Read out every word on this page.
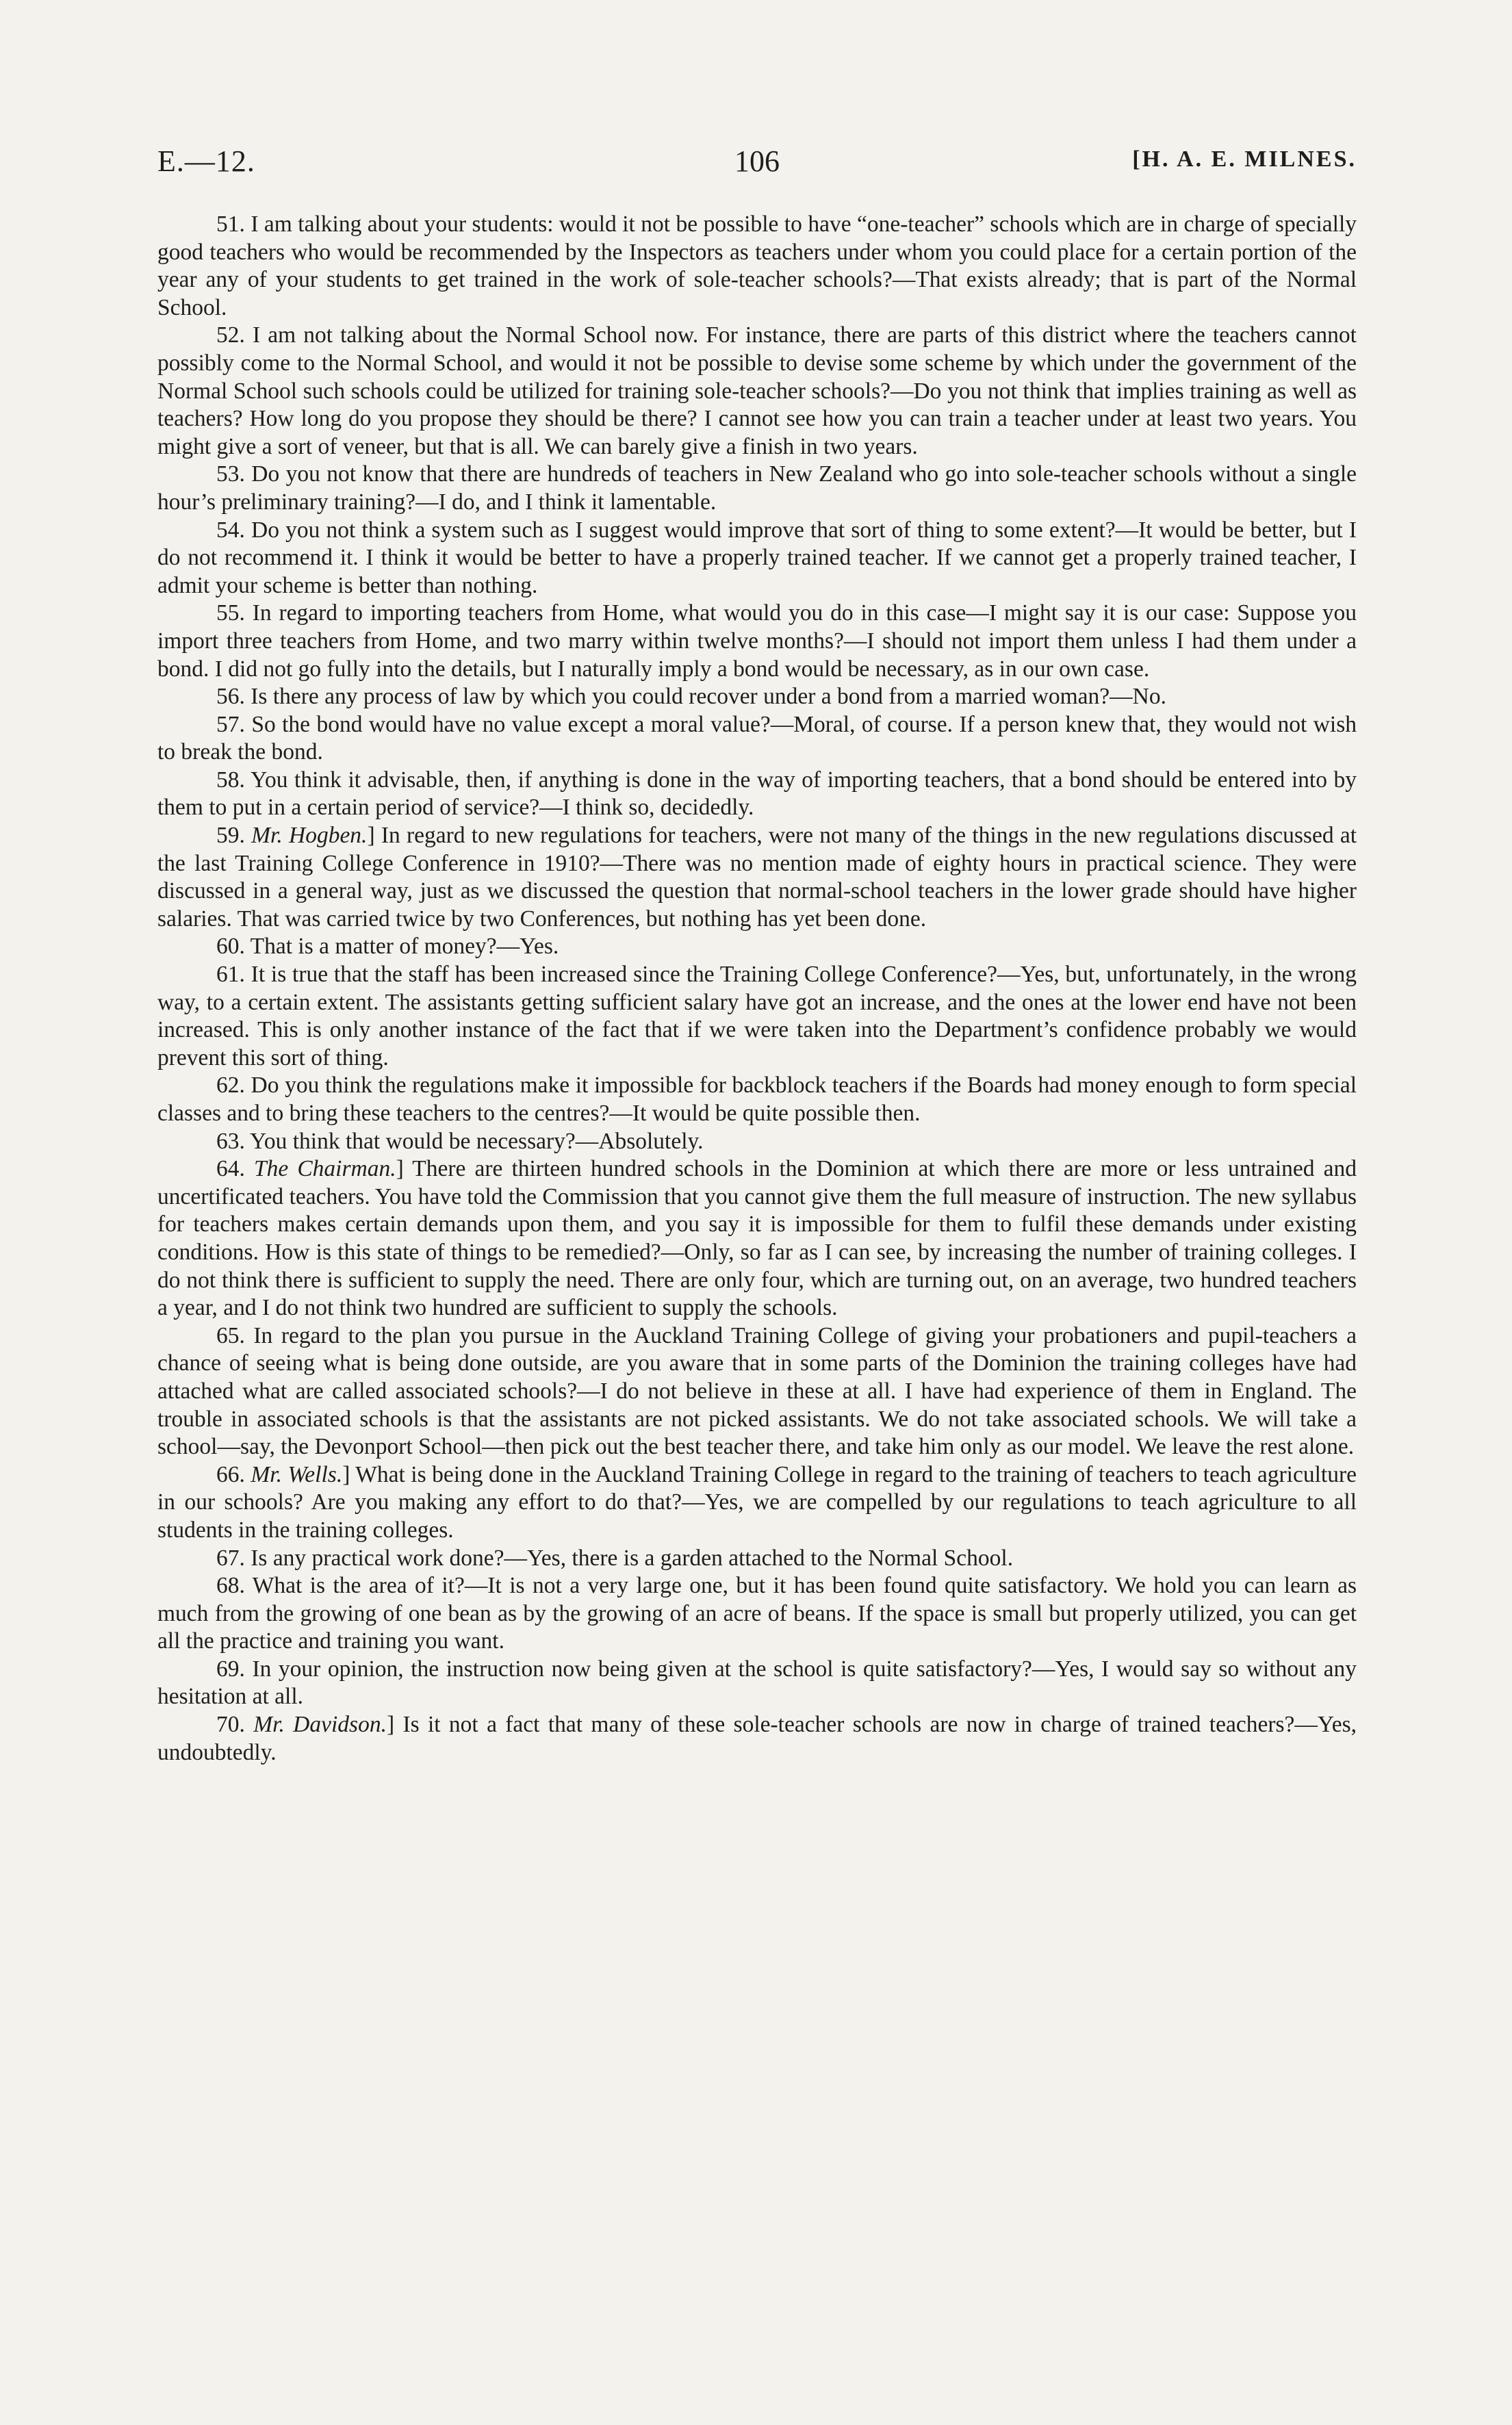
E.—12.	106	[H. A. E. MILNES.

51. I am talking about your students: would it not be possible to have “one-teacher” schools which are in charge of specially good teachers who would be recommended by the Inspectors as teachers under whom you could place for a certain portion of the year any of your students to get trained in the work of sole-teacher schools?—That exists already; that is part of the Normal School.

52. I am not talking about the Normal School now. For instance, there are parts of this district where the teachers cannot possibly come to the Normal School, and would it not be possible to devise some scheme by which under the government of the Normal School such schools could be utilized for training sole-teacher schools?—Do you not think that implies training as well as teachers? How long do you propose they should be there? I cannot see how you can train a teacher under at least two years. You might give a sort of veneer, but that is all. We can barely give a finish in two years.

53. Do you not know that there are hundreds of teachers in New Zealand who go into sole-teacher schools without a single hour’s preliminary training?—I do, and I think it lamentable.

54. Do you not think a system such as I suggest would improve that sort of thing to some extent?—It would be better, but I do not recommend it. I think it would be better to have a properly trained teacher. If we cannot get a properly trained teacher, I admit your scheme is better than nothing.

55. In regard to importing teachers from Home, what would you do in this case—I might say it is our case: Suppose you import three teachers from Home, and two marry within twelve months?—I should not import them unless I had them under a bond. I did not go fully into the details, but I naturally imply a bond would be necessary, as in our own case.

56. Is there any process of law by which you could recover under a bond from a married woman?—No.

57. So the bond would have no value except a moral value?—Moral, of course. If a person knew that, they would not wish to break the bond.

58. You think it advisable, then, if anything is done in the way of importing teachers, that a bond should be entered into by them to put in a certain period of service?—I think so, decidedly.

59. Mr. Hogben.] In regard to new regulations for teachers, were not many of the things in the new regulations discussed at the last Training College Conference in 1910?—There was no mention made of eighty hours in practical science. They were discussed in a general way, just as we discussed the question that normal-school teachers in the lower grade should have higher salaries. That was carried twice by two Conferences, but nothing has yet been done.

60. That is a matter of money?—Yes.

61. It is true that the staff has been increased since the Training College Conference?—Yes, but, unfortunately, in the wrong way, to a certain extent. The assistants getting sufficient salary have got an increase, and the ones at the lower end have not been increased. This is only another instance of the fact that if we were taken into the Department’s confidence probably we would prevent this sort of thing.

62. Do you think the regulations make it impossible for backblock teachers if the Boards had money enough to form special classes and to bring these teachers to the centres?—It would be quite possible then.

63. You think that would be necessary?—Absolutely.

64. The Chairman.] There are thirteen hundred schools in the Dominion at which there are more or less untrained and uncertificated teachers. You have told the Commission that you cannot give them the full measure of instruction. The new syllabus for teachers makes certain demands upon them, and you say it is impossible for them to fulfil these demands under existing conditions. How is this state of things to be remedied?—Only, so far as I can see, by increasing the number of training colleges. I do not think there is sufficient to supply the need. There are only four, which are turning out, on an average, two hundred teachers a year, and I do not think two hundred are sufficient to supply the schools.

65. In regard to the plan you pursue in the Auckland Training College of giving your probationers and pupil-teachers a chance of seeing what is being done outside, are you aware that in some parts of the Dominion the training colleges have had attached what are called associated schools?—I do not believe in these at all. I have had experience of them in England. The trouble in associated schools is that the assistants are not picked assistants. We do not take associated schools. We will take a school—say, the Devonport School—then pick out the best teacher there, and take him only as our model. We leave the rest alone.

66. Mr. Wells.] What is being done in the Auckland Training College in regard to the training of teachers to teach agriculture in our schools? Are you making any effort to do that?—Yes, we are compelled by our regulations to teach agriculture to all students in the training colleges.

67. Is any practical work done?—Yes, there is a garden attached to the Normal School.

68. What is the area of it?—It is not a very large one, but it has been found quite satisfactory. We hold you can learn as much from the growing of one bean as by the growing of an acre of beans. If the space is small but properly utilized, you can get all the practice and training you want.

69. In your opinion, the instruction now being given at the school is quite satisfactory?—Yes, I would say so without any hesitation at all.

70. Mr. Davidson.] Is it not a fact that many of these sole-teacher schools are now in charge of trained teachers?—Yes, undoubtedly.
